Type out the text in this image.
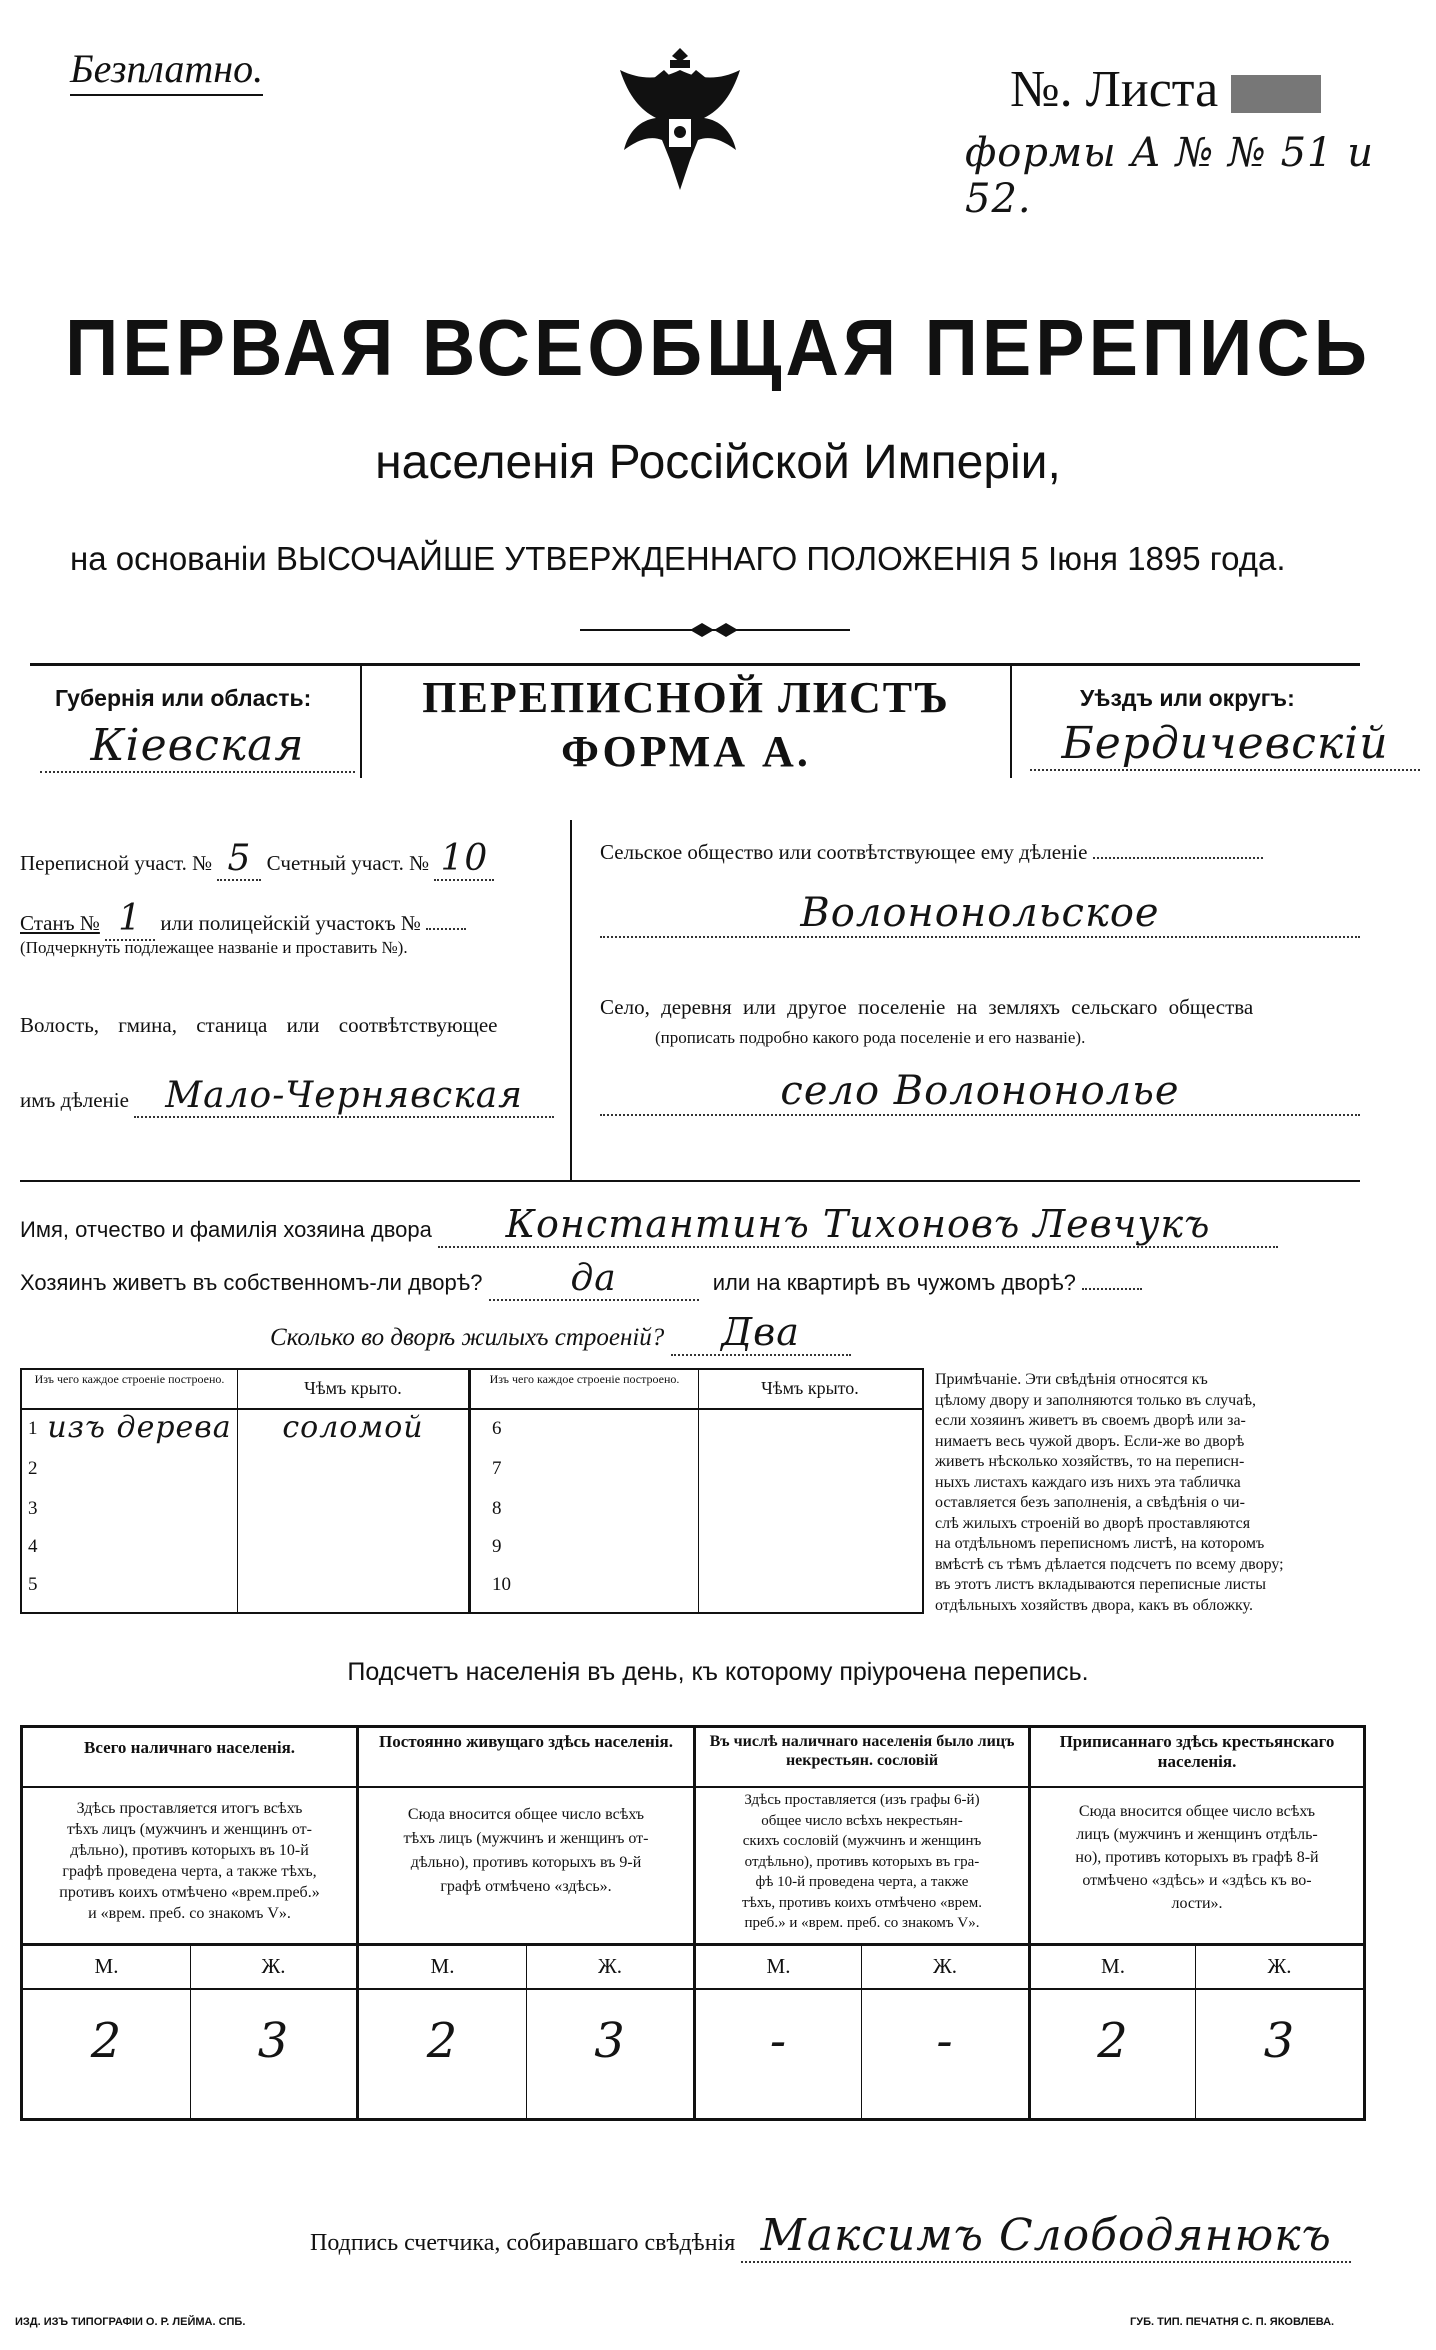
Безплатно.	№. Листа
формы А № № 51 и 52.
ПЕРВАЯ ВСЕОБЩАЯ ПЕРЕПИСЬ
населенія Россійской Имперіи,
на основаніи ВЫСОЧАЙШЕ УТВЕРЖДЕННАГО ПОЛОЖЕНІЯ 5 Іюня 1895 года.
Губернія или область:
Кіевская
ПЕРЕПИСНОЙ ЛИСТЪ
ФОРМА А.
Уѣздъ или округъ:
Бердичевскій
Переписной участ. № 5 Счетный участ. № 10
Станъ № 1 или полицейскій участокъ №
(Подчеркнуть подлежащее названіе и проставить №).
Волость, гмина, станица или соотвѣтствующее
имъ дѣленіе Мало-Чернявская
Сельское общество или соотвѣтствующее ему дѣленіе
Волононольское
Село, деревня или другое поселеніе на земляхъ сельскаго общества
(прописать подробно какого рода поселеніе и его названіе).
село Волононолье
Имя, отчество и фамилія хозяина двора Константинъ Тихоновъ Левчукъ
Хозяинъ живетъ въ собственномъ-ли дворѣ? да	или на квартирѣ въ чужомъ дворѣ?
Сколько во дворѣ жилыхъ строеній? Два
Изъ чего каждое строеніе построено.	Чѣмъ крыто.	Изъ чего каждое строеніе построено.	Чѣмъ крыто.
1 изъ дерева	соломой
2
3
4
5
6
7
8
9
10
Примѣчаніе. Эти свѣдѣнія относятся къ
цѣлому двору и заполняются только въ случаѣ,
если хозяинъ живетъ въ своемъ дворѣ или за-
нимаетъ весь чужой дворъ. Если-же во дворѣ
живетъ нѣсколько хозяйствъ, то на переписн-
ныхъ листахъ каждаго изъ нихъ эта табличка
оставляется безъ заполненія, а свѣдѣнія о чи-
слѣ жилыхъ строеній во дворѣ проставляются
на отдѣльномъ переписномъ листѣ, на которомъ
вмѣстѣ съ тѣмъ дѣлается подсчетъ по всему двору;
въ этотъ листъ вкладываются переписные листы
отдѣльныхъ хозяйствъ двора, какъ въ обложку.
Подсчетъ населенія въ день, къ которому пріурочена перепись.
Всего наличнаго населенія.
Здѣсь проставляется итогъ всѣхъ
тѣхъ лицъ (мужчинъ и женщинъ от-
дѣльно), противъ которыхъ въ 10-й
графѣ проведена черта, а также тѣхъ,
противъ коихъ отмѣчено «врем.преб.»
и «врем. преб. со знакомъ V».
Постоянно живущаго здѣсь населенія.
Сюда вносится общее число всѣхъ
тѣхъ лицъ (мужчинъ и женщинъ от-
дѣльно), противъ которыхъ въ 9-й
графѣ отмѣчено «здѣсь».
Въ числѣ наличнаго населенія было лицъ некрестьян. сословій
Здѣсь проставляется (изъ графы 6-й)
общее число всѣхъ некрестьян-
скихъ сословій (мужчинъ и женщинъ
отдѣльно), противъ которыхъ въ гра-
фѣ 10-й проведена черта, а также
тѣхъ, противъ коихъ отмѣчено «врем.
преб.» и «врем. преб. со знакомъ V».
Приписаннаго здѣсь крестьянскаго населенія.
Сюда вносится общее число всѣхъ
лицъ (мужчинъ и женщинъ отдѣль-
но), противъ которыхъ въ графѣ 8-й
отмѣчено «здѣсь» и «здѣсь къ во-
лости».
М.	Ж.	М.	Ж.	М.	Ж.	М.	Ж.
2	3	2	3	-	-	2	3
Подпись счетчика, собиравшаго свѣдѣнія Максимъ Слободянюкъ
ИЗД. ИЗЪ ТИПОГРАФІИ О. Р. ЛЕЙМА. СПБ.	ГУБ. ТИП. ПЕЧАТНЯ С. П. ЯКОВЛЕВА.
